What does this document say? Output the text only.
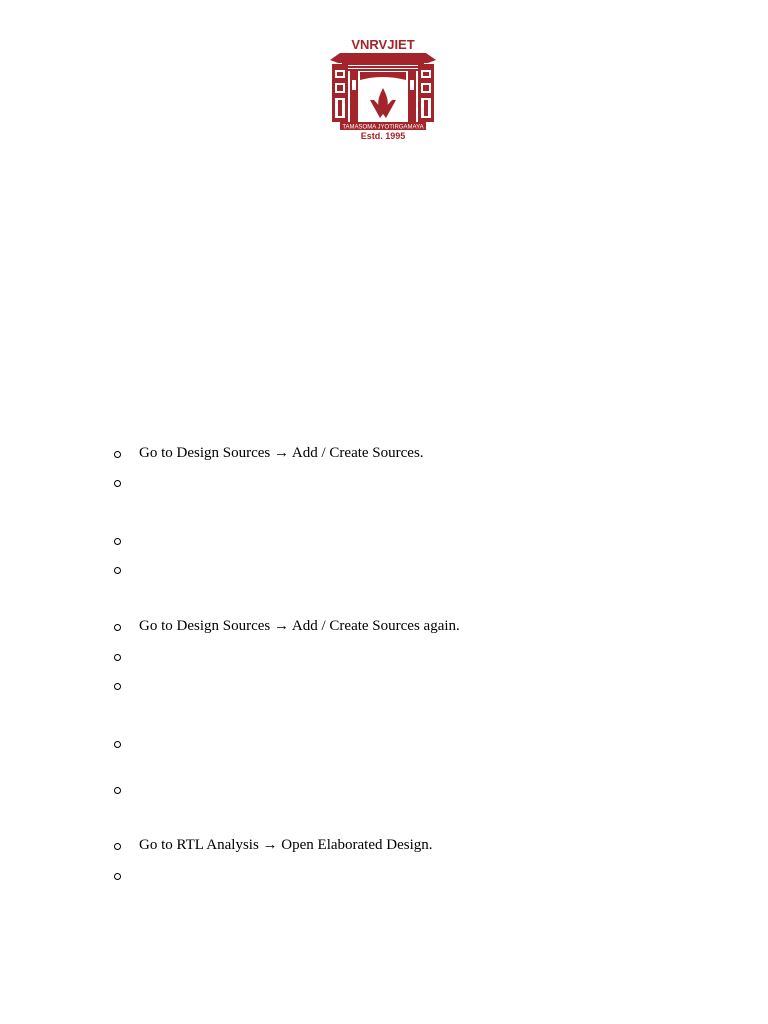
VNRVJIET
TAMASOMA JYOTIRGAMAYA
Estd. 1995
Go to Design Sources → Add / Create Sources.
Go to Design Sources → Add / Create Sources again.
Go to RTL Analysis → Open Elaborated Design.
